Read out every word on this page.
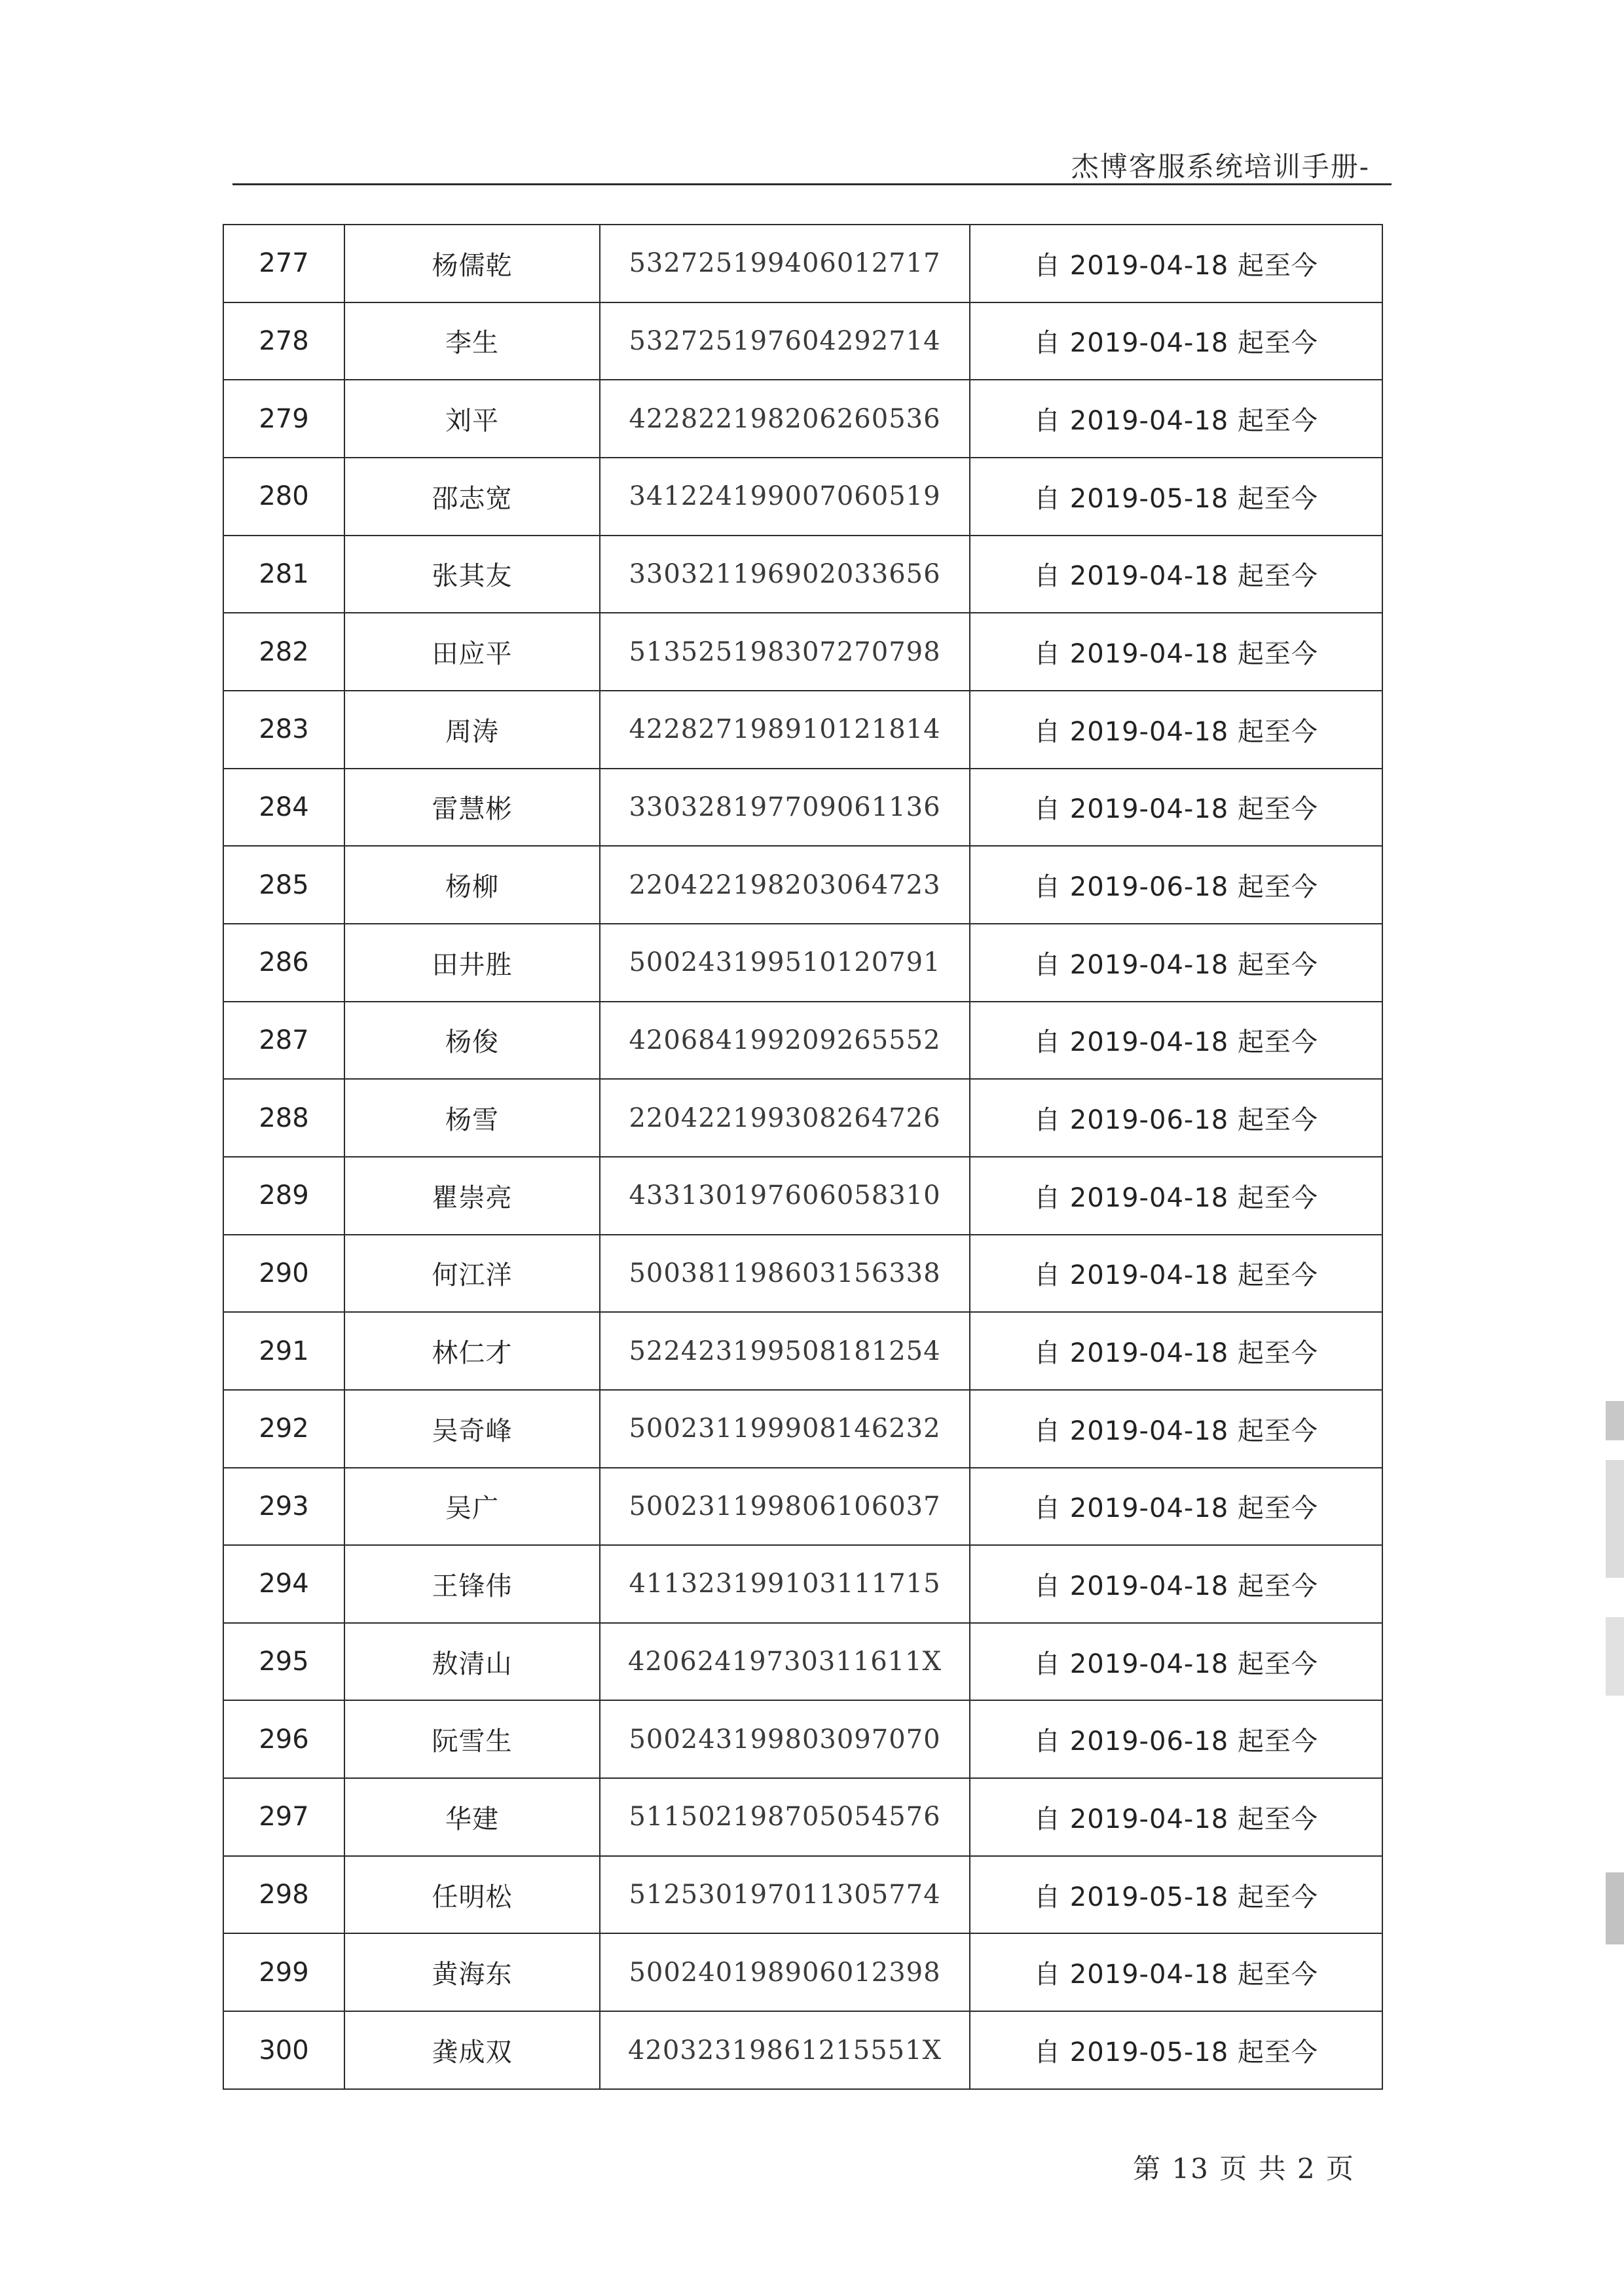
杰博客服系统培训手册-
277	杨儒乾	532725199406012717	自 2019-04-18 起至今
278	李生	532725197604292714	自 2019-04-18 起至今
279	刘平	422822198206260536	自 2019-04-18 起至今
280	邵志宽	341224199007060519	自 2019-05-18 起至今
281	张其友	330321196902033656	自 2019-04-18 起至今
282	田应平	513525198307270798	自 2019-04-18 起至今
283	周涛	422827198910121814	自 2019-04-18 起至今
284	雷慧彬	330328197709061136	自 2019-04-18 起至今
285	杨柳	220422198203064723	自 2019-06-18 起至今
286	田井胜	500243199510120791	自 2019-04-18 起至今
287	杨俊	420684199209265552	自 2019-04-18 起至今
288	杨雪	220422199308264726	自 2019-06-18 起至今
289	瞿崇亮	433130197606058310	自 2019-04-18 起至今
290	何江洋	500381198603156338	自 2019-04-18 起至今
291	林仁才	522423199508181254	自 2019-04-18 起至今
292	吴奇峰	500231199908146232	自 2019-04-18 起至今
293	吴广	500231199806106037	自 2019-04-18 起至今
294	王锋伟	411323199103111715	自 2019-04-18 起至今
295	敖清山	42062419730311611X	自 2019-04-18 起至今
296	阮雪生	500243199803097070	自 2019-06-18 起至今
297	华建	511502198705054576	自 2019-04-18 起至今
298	任明松	512530197011305774	自 2019-05-18 起至今
299	黄海东	500240198906012398	自 2019-04-18 起至今
300	龚成双	42032319861215551X	自 2019-05-18 起至今
第 13 页 共 2 页
